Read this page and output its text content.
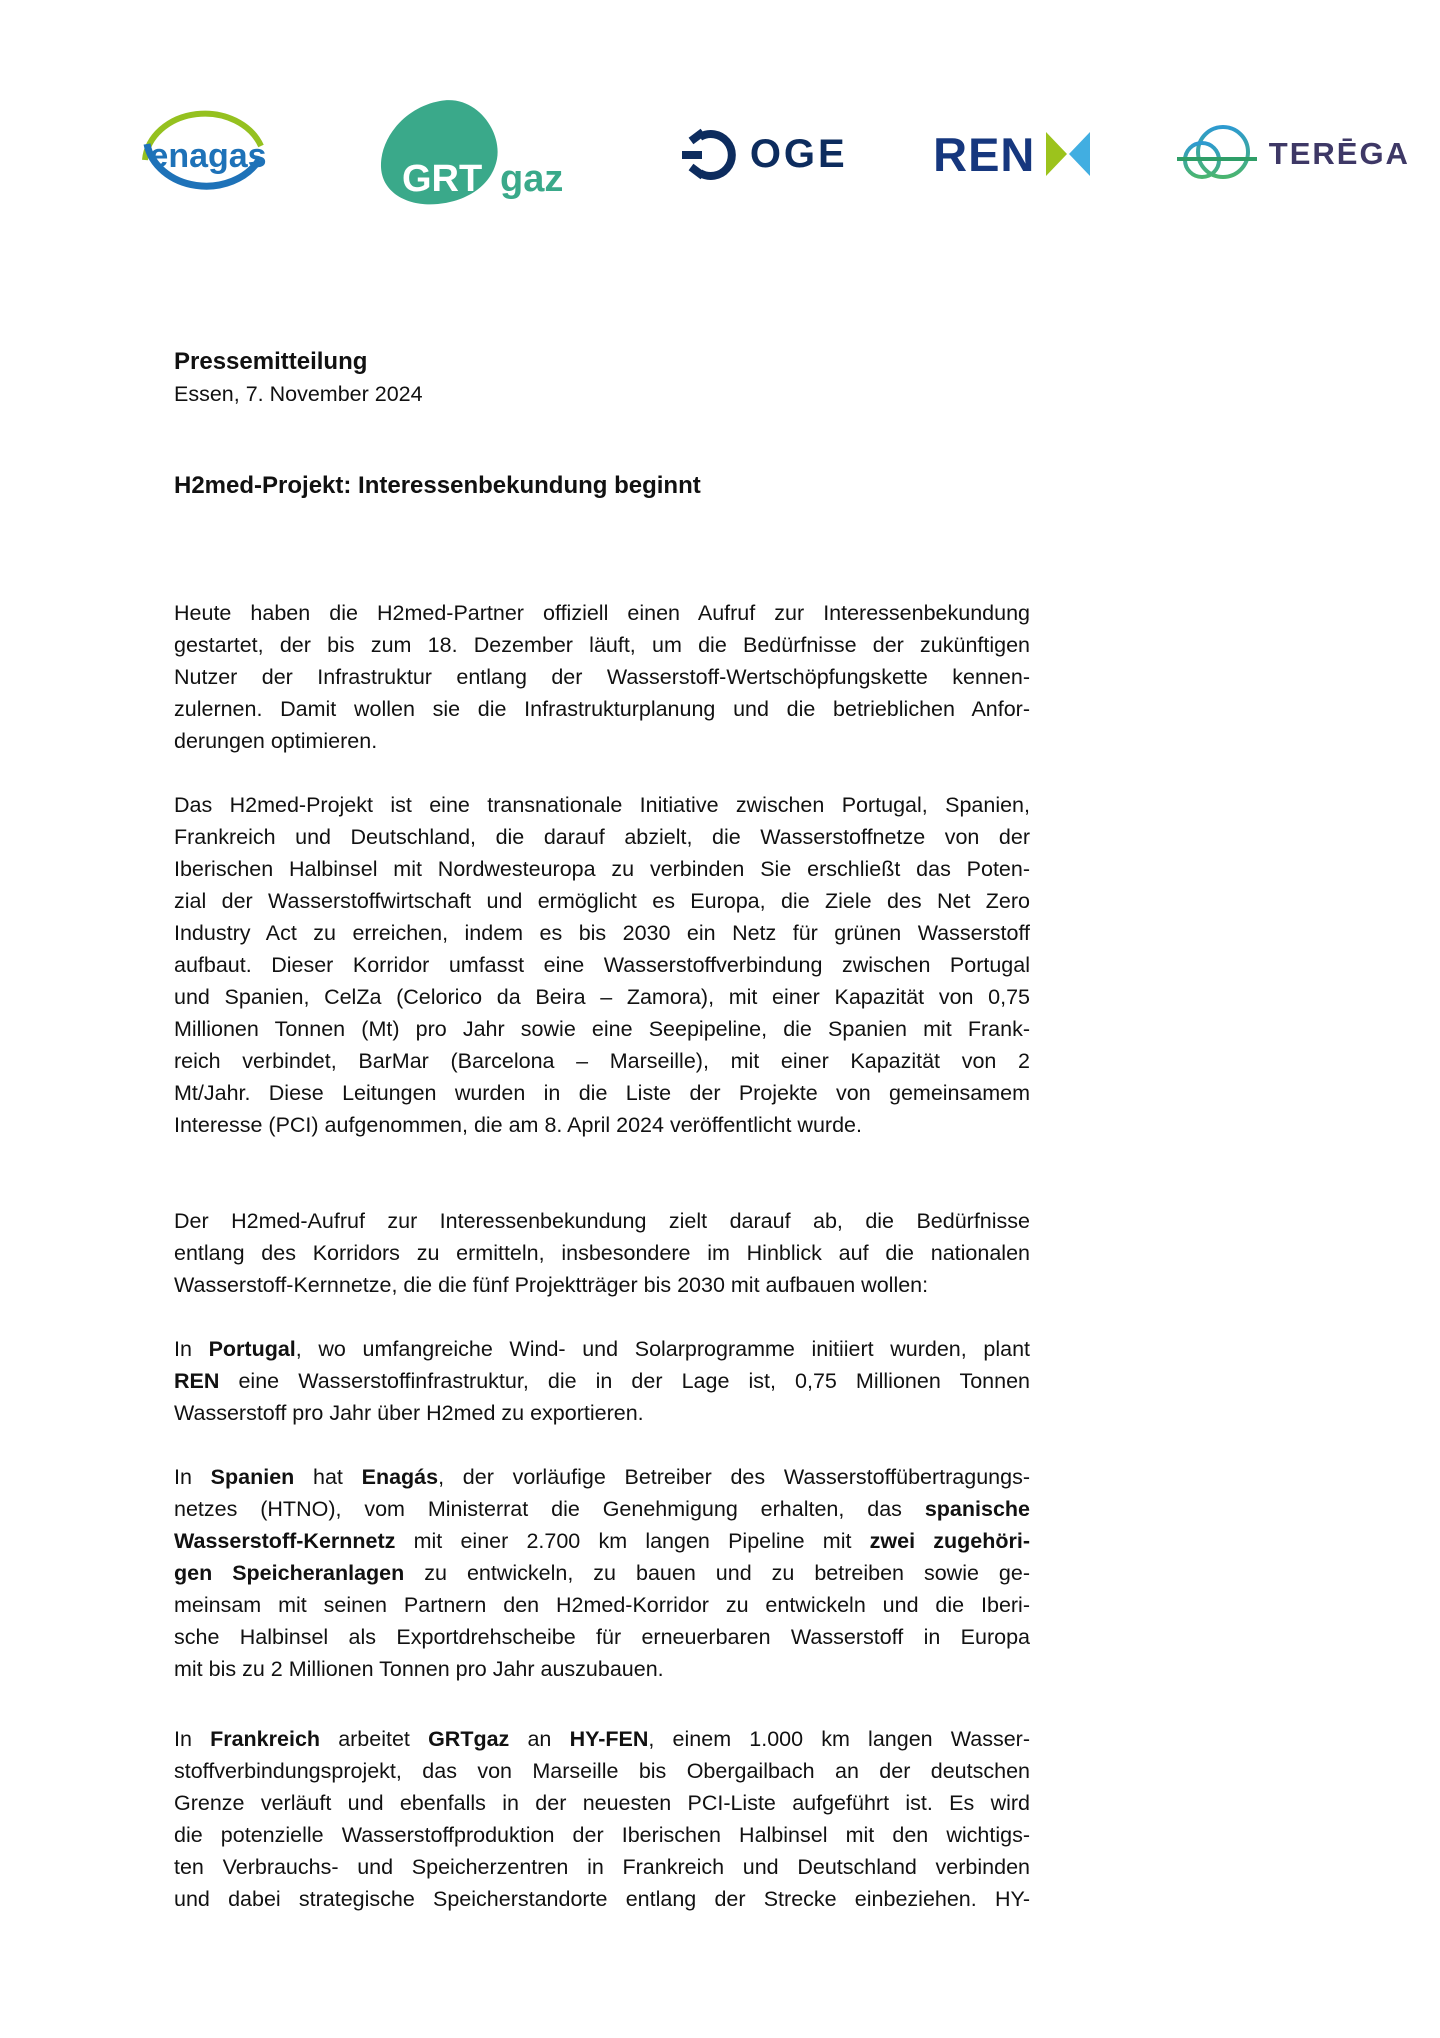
enagas
GRT gaz
OGE REN	TERĒGA
Pressemitteilung
Essen, 7. November 2024
H2med-Projekt: Interessenbekundung beginnt
Heute haben die H2med-Partner offiziell einen Aufruf zur Interessenbekundung
gestartet, der bis zum 18. Dezember läuft, um die Bedürfnisse der zukünftigen
Nutzer der Infrastruktur entlang der Wasserstoff-Wertschöpfungskette kennen-
zulernen. Damit wollen sie die Infrastrukturplanung und die betrieblichen Anfor-
derungen optimieren.
Das H2med-Projekt ist eine transnationale Initiative zwischen Portugal, Spanien,
Frankreich und Deutschland, die darauf abzielt, die Wasserstoffnetze von der
Iberischen Halbinsel mit Nordwesteuropa zu verbinden Sie erschließt das Poten-
zial der Wasserstoffwirtschaft und ermöglicht es Europa, die Ziele des Net Zero
Industry Act zu erreichen, indem es bis 2030 ein Netz für grünen Wasserstoff
aufbaut. Dieser Korridor umfasst eine Wasserstoffverbindung zwischen Portugal
und Spanien, CelZa (Celorico da Beira – Zamora), mit einer Kapazität von 0,75
Millionen Tonnen (Mt) pro Jahr sowie eine Seepipeline, die Spanien mit Frank-
reich verbindet, BarMar (Barcelona – Marseille), mit einer Kapazität von 2
Mt/Jahr. Diese Leitungen wurden in die Liste der Projekte von gemeinsamem
Interesse (PCI) aufgenommen, die am 8. April 2024 veröffentlicht wurde.
Der H2med-Aufruf zur Interessenbekundung zielt darauf ab, die Bedürfnisse
entlang des Korridors zu ermitteln, insbesondere im Hinblick auf die nationalen
Wasserstoff-Kernnetze, die die fünf Projektträger bis 2030 mit aufbauen wollen:
In Portugal, wo umfangreiche Wind- und Solarprogramme initiiert wurden, plant
REN eine Wasserstoffinfrastruktur, die in der Lage ist, 0,75 Millionen Tonnen
Wasserstoff pro Jahr über H2med zu exportieren.
In Spanien hat Enagás, der vorläufige Betreiber des Wasserstoffübertragungs-
netzes (HTNO), vom Ministerrat die Genehmigung erhalten, das spanische
Wasserstoff-Kernnetz mit einer 2.700 km langen Pipeline mit zwei zugehöri-
gen Speicheranlagen zu entwickeln, zu bauen und zu betreiben sowie ge-
meinsam mit seinen Partnern den H2med-Korridor zu entwickeln und die Iberi-
sche Halbinsel als Exportdrehscheibe für erneuerbaren Wasserstoff in Europa
mit bis zu 2 Millionen Tonnen pro Jahr auszubauen.
In Frankreich arbeitet GRTgaz an HY-FEN, einem 1.000 km langen Wasser-
stoffverbindungsprojekt, das von Marseille bis Obergailbach an der deutschen
Grenze verläuft und ebenfalls in der neuesten PCI-Liste aufgeführt ist. Es wird
die potenzielle Wasserstoffproduktion der Iberischen Halbinsel mit den wichtigs-
ten Verbrauchs- und Speicherzentren in Frankreich und Deutschland verbinden
und dabei strategische Speicherstandorte entlang der Strecke einbeziehen. HY-
